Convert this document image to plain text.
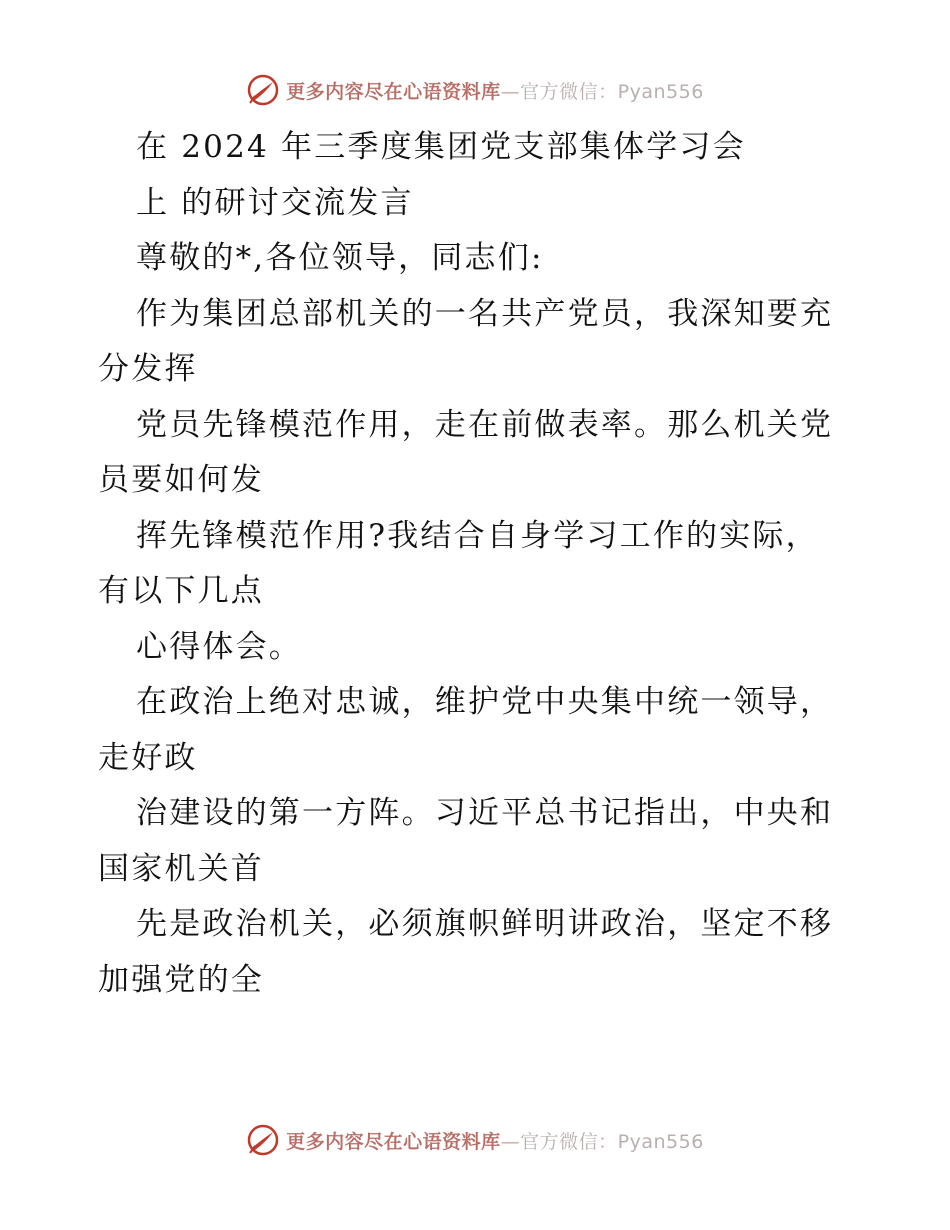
更多内容尽在心语资料库—官方微信：Pyan556
在 2024 年三季度集团党支部集体学习会
上 的研讨交流发言
尊敬的*,各位领导，同志们:
作为集团总部机关的一名共产党员，我深知要充
分发挥
党员先锋模范作用，走在前做表率。那么机关党
员要如何发
挥先锋模范作用?我结合自身学习工作的实际，
有以下几点
心得体会。
在政治上绝对忠诚，维护党中央集中统一领导，
走好政
治建设的第一方阵。习近平总书记指出，中央和
国家机关首
先是政治机关，必须旗帜鲜明讲政治，坚定不移
加强党的全
更多内容尽在心语资料库—官方微信：Pyan556
